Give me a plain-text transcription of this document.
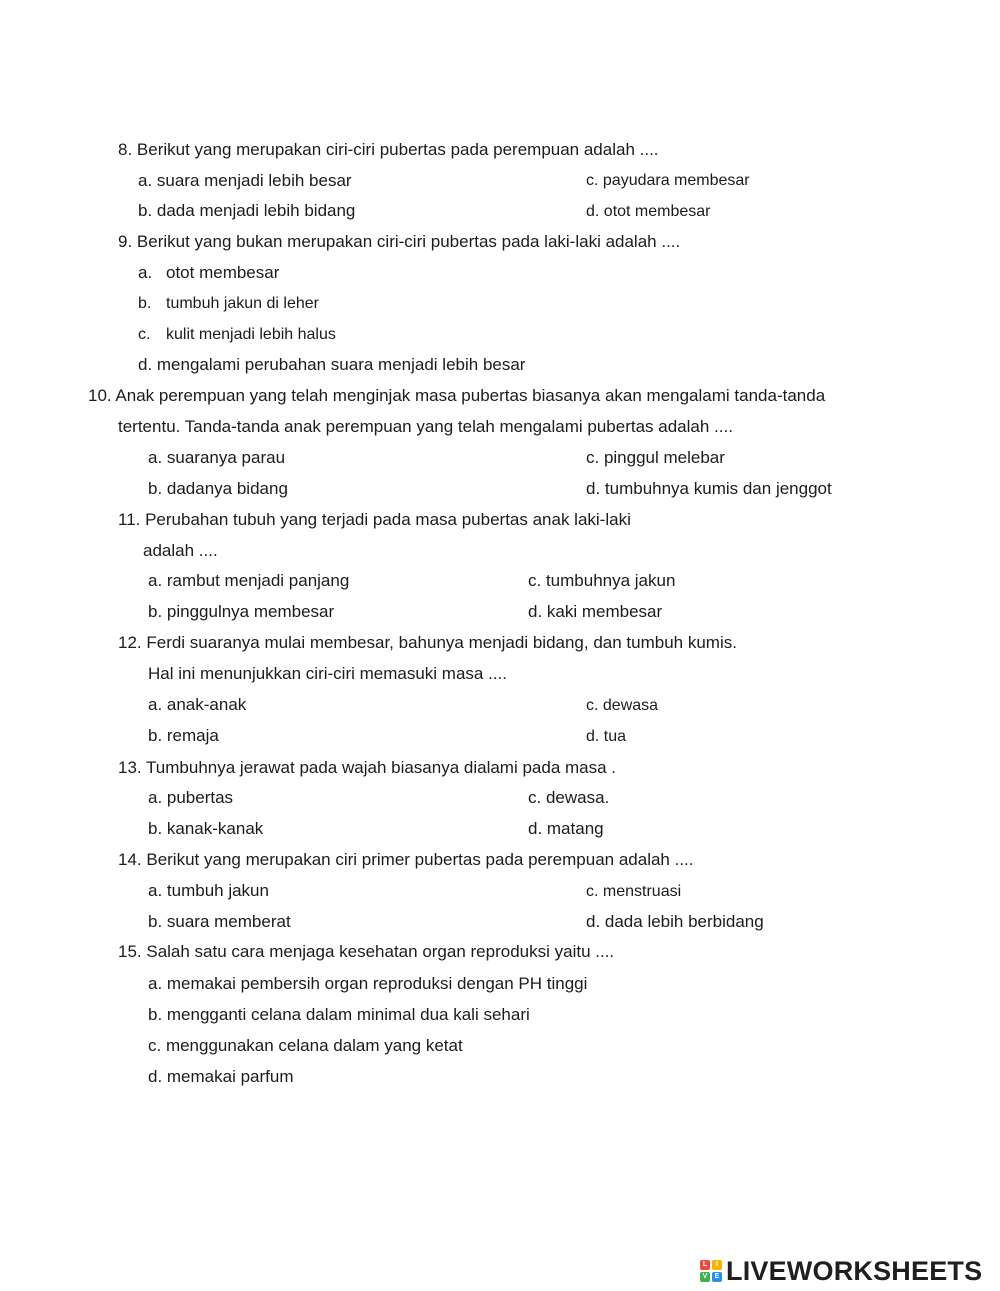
8. Berikut yang merupakan ciri-ciri pubertas pada perempuan adalah ....
a. suara menjadi lebih besar	c. payudara membesar
b. dada menjadi lebih bidang	d. otot membesar
9. Berikut yang bukan merupakan ciri-ciri pubertas pada laki-laki adalah ....
a. otot membesar
b. tumbuh jakun di leher
c. kulit menjadi lebih halus
d. mengalami perubahan suara menjadi lebih besar
10. Anak perempuan yang telah menginjak masa pubertas biasanya akan mengalami tanda-tanda
tertentu. Tanda-tanda anak perempuan yang telah mengalami pubertas adalah ....
a. suaranya parau	c. pinggul melebar
b. dadanya bidang	d. tumbuhnya kumis dan jenggot
11. Perubahan tubuh yang terjadi pada masa pubertas anak laki-laki
adalah ....
a. rambut menjadi panjang	c. tumbuhnya jakun
b. pinggulnya membesar	d. kaki membesar
12. Ferdi suaranya mulai membesar, bahunya menjadi bidang, dan tumbuh kumis.
Hal ini menunjukkan ciri-ciri memasuki masa ....
a. anak-anak	c. dewasa
b. remaja	d. tua
13. Tumbuhnya jerawat pada wajah biasanya dialami pada masa .
a. pubertas	c. dewasa.
b. kanak-kanak	d. matang
14. Berikut yang merupakan ciri primer pubertas pada perempuan adalah ....
a. tumbuh jakun	c. menstruasi
b. suara memberat	d. dada lebih berbidang
15. Salah satu cara menjaga kesehatan organ reproduksi yaitu ....
a. memakai pembersih organ reproduksi dengan PH tinggi
b. mengganti celana dalam minimal dua kali sehari
c. menggunakan celana dalam yang ketat
d. memakai parfum
L	I
V	E LIVEWORKSHEETS
